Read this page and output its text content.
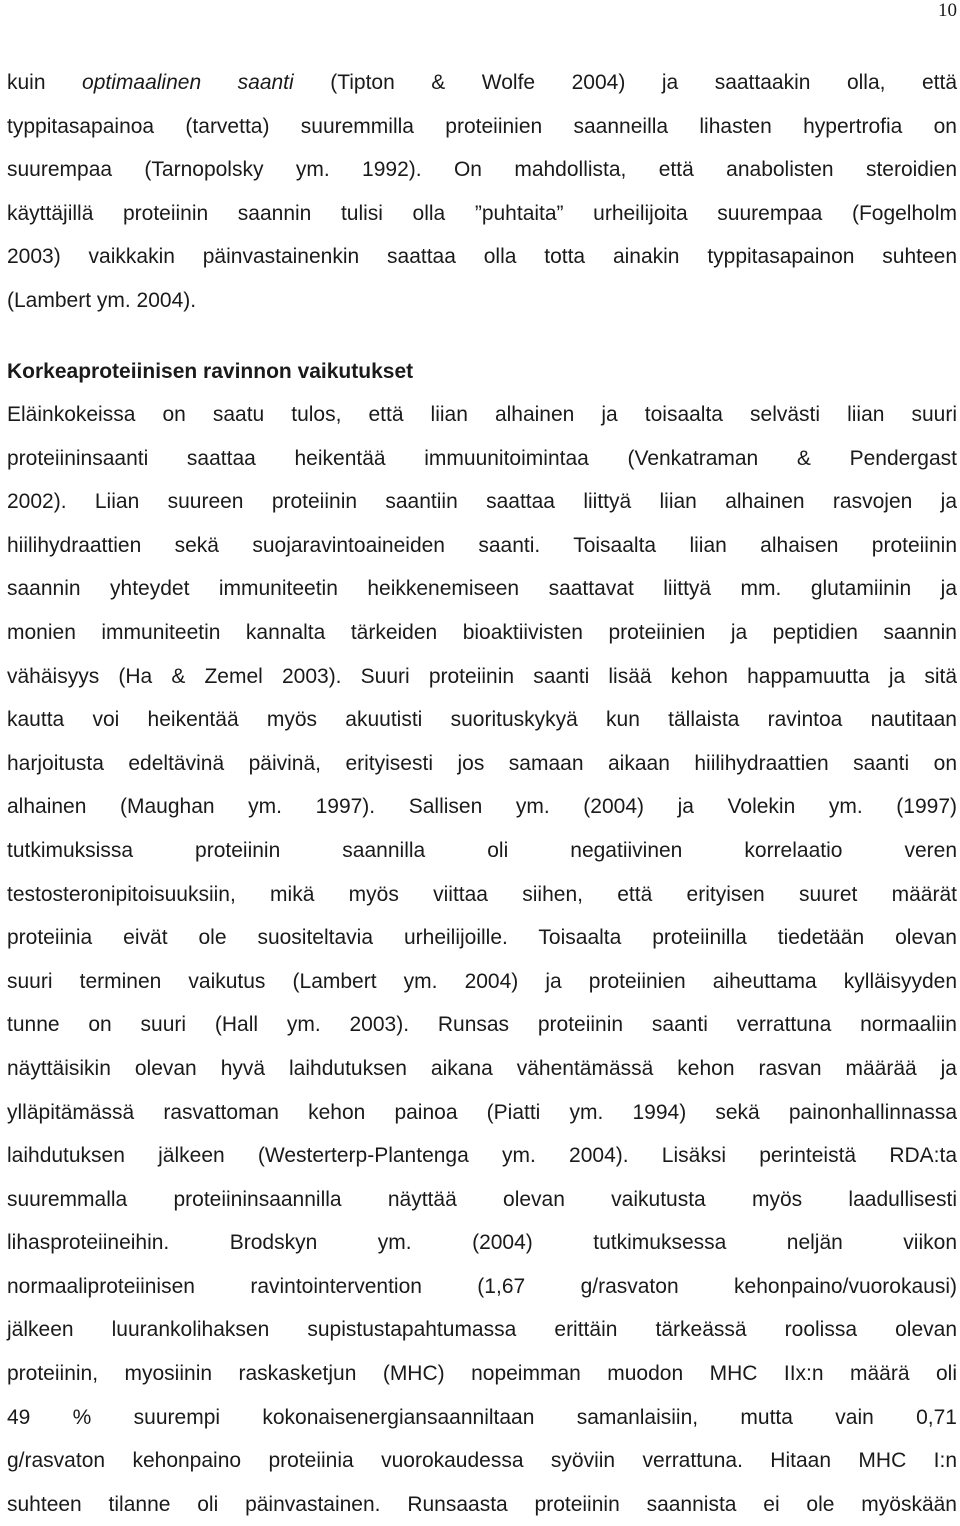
10
kuin optimaalinen saanti (Tipton & Wolfe 2004) ja saattaakin olla, että
typpitasapainoa (tarvetta) suuremmilla proteiinien saanneilla lihasten hypertrofia on
suurempaa (Tarnopolsky ym. 1992). On mahdollista, että anabolisten steroidien
käyttäjillä proteiinin saannin tulisi olla ”puhtaita” urheilijoita suurempaa (Fogelholm
2003) vaikkakin päinvastainenkin saattaa olla totta ainakin typpitasapainon suhteen
(Lambert ym. 2004).
Korkeaproteiinisen ravinnon vaikutukset
Eläinkokeissa on saatu tulos, että liian alhainen ja toisaalta selvästi liian suuri
proteiininsaanti saattaa heikentää immuunitoimintaa (Venkatraman & Pendergast
2002). Liian suureen proteiinin saantiin saattaa liittyä liian alhainen rasvojen ja
hiilihydraattien sekä suojaravintoaineiden saanti. Toisaalta liian alhaisen proteiinin
saannin yhteydet immuniteetin heikkenemiseen saattavat liittyä mm. glutamiinin ja
monien immuniteetin kannalta tärkeiden bioaktiivisten proteiinien ja peptidien saannin
vähäisyys (Ha & Zemel 2003). Suuri proteiinin saanti lisää kehon happamuutta ja sitä
kautta voi heikentää myös akuutisti suorituskykyä kun tällaista ravintoa nautitaan
harjoitusta edeltävinä päivinä, erityisesti jos samaan aikaan hiilihydraattien saanti on
alhainen (Maughan ym. 1997). Sallisen ym. (2004) ja Volekin ym. (1997)
tutkimuksissa proteiinin saannilla oli negatiivinen korrelaatio veren
testosteronipitoisuuksiin, mikä myös viittaa siihen, että erityisen suuret määrät
proteiinia eivät ole suositeltavia urheilijoille. Toisaalta proteiinilla tiedetään olevan
suuri terminen vaikutus (Lambert ym. 2004) ja proteiinien aiheuttama kylläisyyden
tunne on suuri (Hall ym. 2003). Runsas proteiinin saanti verrattuna normaaliin
näyttäisikin olevan hyvä laihdutuksen aikana vähentämässä kehon rasvan määrää ja
ylläpitämässä rasvattoman kehon painoa (Piatti ym. 1994) sekä painonhallinnassa
laihdutuksen jälkeen (Westerterp-Plantenga ym. 2004). Lisäksi perinteistä RDA:ta
suuremmalla proteiininsaannilla näyttää olevan vaikutusta myös laadullisesti
lihasproteiineihin. Brodskyn ym. (2004) tutkimuksessa neljän viikon
normaaliproteiinisen ravintointervention (1,67 g/rasvaton kehonpaino/vuorokausi)
jälkeen luurankolihaksen supistustapahtumassa erittäin tärkeässä roolissa olevan
proteiinin, myosiinin raskasketjun (MHC) nopeimman muodon MHC IIx:n määrä oli
49 % suurempi kokonaisenergiansaanniltaan samanlaisiin, mutta vain 0,71
g/rasvaton kehonpaino proteiinia vuorokaudessa syöviin verrattuna. Hitaan MHC I:n
suhteen tilanne oli päinvastainen. Runsaasta proteiinin saannista ei ole myöskään
